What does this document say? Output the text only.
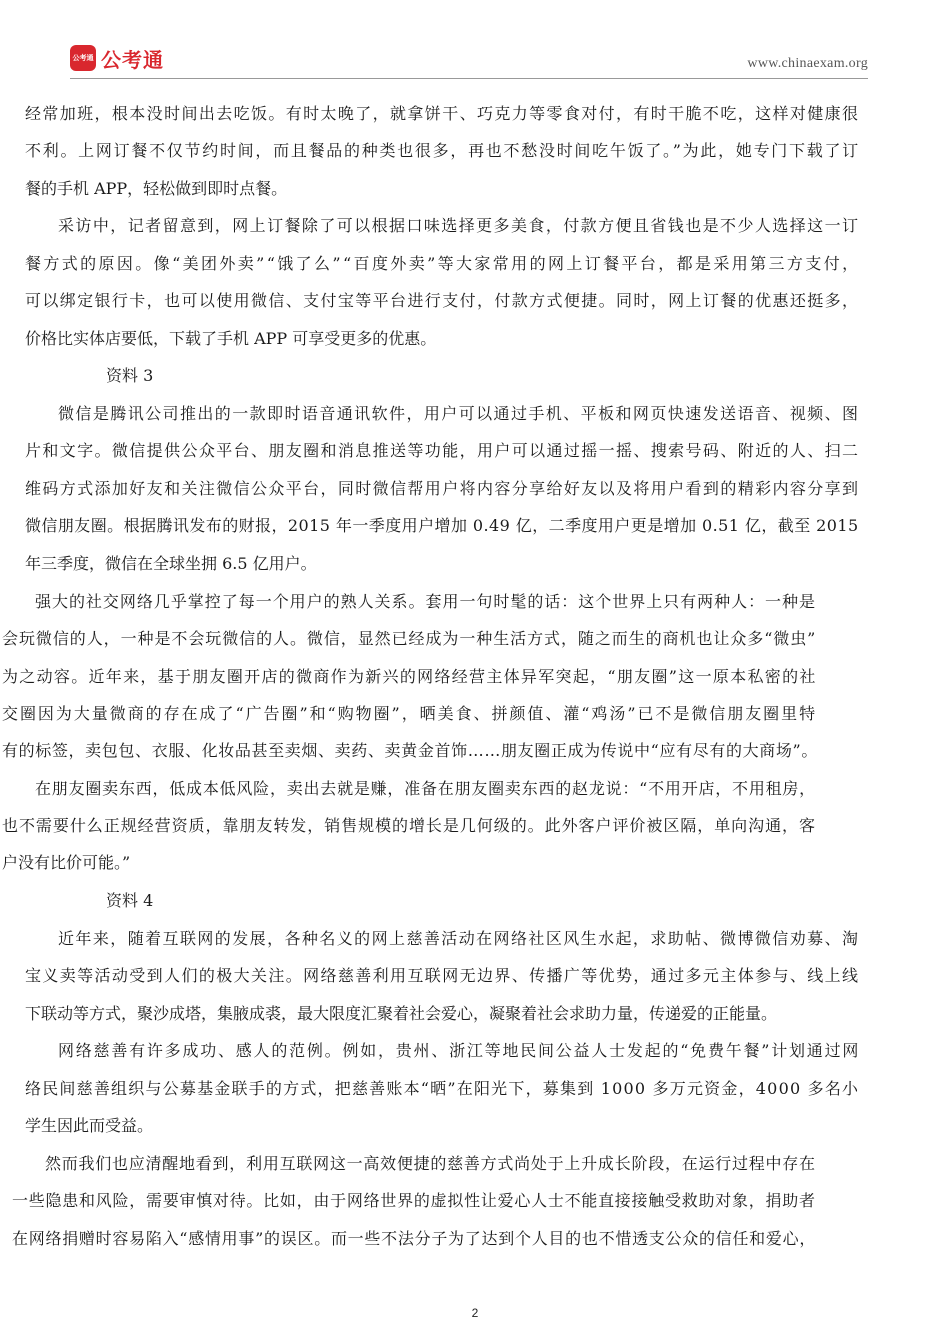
公考通 公考通	www.chinaexam.org
经常加班，根本没时间出去吃饭。有时太晚了，就拿饼干、巧克力等零食对付，有时干脆不吃，这样对健康很
不利。上网订餐不仅节约时间，而且餐品的种类也很多，再也不愁没时间吃午饭了。”为此，她专门下载了订
餐的手机 APP，轻松做到即时点餐。
采访中，记者留意到，网上订餐除了可以根据口味选择更多美食，付款方便且省钱也是不少人选择这一订
餐方式的原因。像“美团外卖”“饿了么”“百度外卖”等大家常用的网上订餐平台，都是采用第三方支付，
可以绑定银行卡，也可以使用微信、支付宝等平台进行支付，付款方式便捷。同时，网上订餐的优惠还挺多，
价格比实体店要低，下载了手机 APP 可享受更多的优惠。
资料 3
微信是腾讯公司推出的一款即时语音通讯软件，用户可以通过手机、平板和网页快速发送语音、视频、图
片和文字。微信提供公众平台、朋友圈和消息推送等功能，用户可以通过摇一摇、搜索号码、附近的人、扫二
维码方式添加好友和关注微信公众平台，同时微信帮用户将内容分享给好友以及将用户看到的精彩内容分享到
微信朋友圈。根据腾讯发布的财报，2015 年一季度用户增加 0.49 亿，二季度用户更是增加 0.51 亿，截至 2015
年三季度，微信在全球坐拥 6.5 亿用户。
强大的社交网络几乎掌控了每一个用户的熟人关系。套用一句时髦的话：这个世界上只有两种人：一种是
会玩微信的人，一种是不会玩微信的人。微信，显然已经成为一种生活方式，随之而生的商机也让众多“微虫”
为之动容。近年来，基于朋友圈开店的微商作为新兴的网络经营主体异军突起，“朋友圈”这一原本私密的社
交圈因为大量微商的存在成了“广告圈”和“购物圈”，晒美食、拼颜值、灌“鸡汤”已不是微信朋友圈里特
有的标签，卖包包、衣服、化妆品甚至卖烟、卖药、卖黄金首饰……朋友圈正成为传说中“应有尽有的大商场”。
在朋友圈卖东西，低成本低风险，卖出去就是赚，准备在朋友圈卖东西的赵龙说：“不用开店，不用租房，
也不需要什么正规经营资质，靠朋友转发，销售规模的增长是几何级的。此外客户评价被区隔，单向沟通，客
户没有比价可能。”
资料 4
近年来，随着互联网的发展，各种名义的网上慈善活动在网络社区风生水起，求助帖、微博微信劝募、淘
宝义卖等活动受到人们的极大关注。网络慈善利用互联网无边界、传播广等优势，通过多元主体参与、线上线
下联动等方式，聚沙成塔，集腋成裘，最大限度汇聚着社会爱心，凝聚着社会求助力量，传递爱的正能量。
网络慈善有许多成功、感人的范例。例如，贵州、浙江等地民间公益人士发起的“免费午餐”计划通过网
络民间慈善组织与公募基金联手的方式，把慈善账本“晒”在阳光下，募集到 1000 多万元资金，4000 多名小
学生因此而受益。
然而我们也应清醒地看到，利用互联网这一高效便捷的慈善方式尚处于上升成长阶段，在运行过程中存在
一些隐患和风险，需要审慎对待。比如，由于网络世界的虚拟性让爱心人士不能直接接触受救助对象，捐助者
在网络捐赠时容易陷入“感情用事”的误区。而一些不法分子为了达到个人目的也不惜透支公众的信任和爱心，
2
